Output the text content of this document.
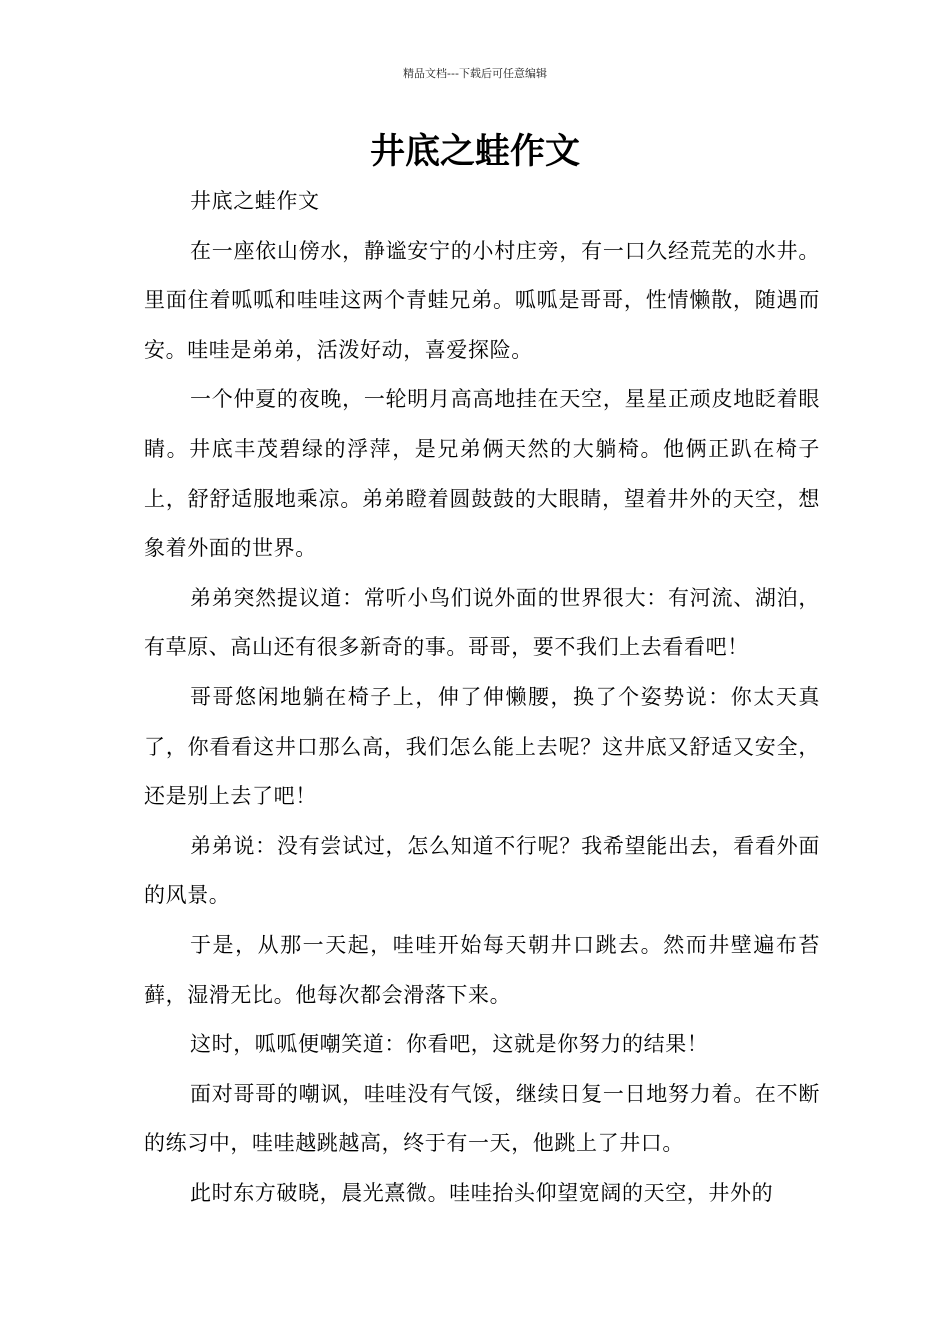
精品文档---下载后可任意编辑
井底之蛙作文

井底之蛙作文

在一座依山傍水，静谧安宁的小村庄旁，有一口久经荒芜的水井。里面住着呱呱和哇哇这两个青蛙兄弟。呱呱是哥哥，性情懒散，随遇而安。哇哇是弟弟，活泼好动，喜爱探险。

一个仲夏的夜晚，一轮明月高高地挂在天空，星星正顽皮地眨着眼睛。井底丰茂碧绿的浮萍，是兄弟俩天然的大躺椅。他俩正趴在椅子上，舒舒适服地乘凉。弟弟瞪着圆鼓鼓的大眼睛，望着井外的天空，想象着外面的世界。

弟弟突然提议道：常听小鸟们说外面的世界很大：有河流、湖泊，有草原、高山还有很多新奇的事。哥哥，要不我们上去看看吧！

哥哥悠闲地躺在椅子上，伸了伸懒腰，换了个姿势说：你太天真了，你看看这井口那么高，我们怎么能上去呢？这井底又舒适又安全，还是别上去了吧！

弟弟说：没有尝试过，怎么知道不行呢？我希望能出去，看看外面的风景。

于是，从那一天起，哇哇开始每天朝井口跳去。然而井壁遍布苔藓，湿滑无比。他每次都会滑落下来。

这时，呱呱便嘲笑道：你看吧，这就是你努力的结果！

面对哥哥的嘲讽，哇哇没有气馁，继续日复一日地努力着。在不断的练习中，哇哇越跳越高，终于有一天，他跳上了井口。

此时东方破晓，晨光熹微。哇哇抬头仰望宽阔的天空，井外的
